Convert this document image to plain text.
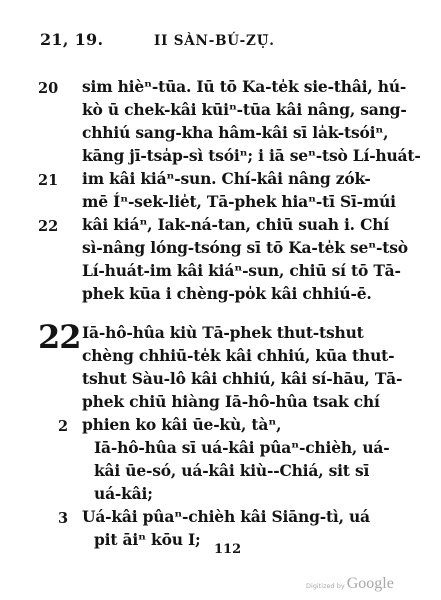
21, 19.	II SÀN-BÚ-ZỤ̄.
20 sim hièⁿ-tūa. Iū tō Ka-te̍k sie-thâi, hú-
kò ū chek-kâi kūiⁿ-tūa kâi nâng, sang-
chhiú sang-kha hâm-kâi sī la̍k-tsóiⁿ,
kāng jī-tsa̍p-sì tsóiⁿ; i iā seⁿ-tsò Lí-huát-
21 im kâi kiáⁿ-sun. Chí-kâi nâng zók-
mē Íⁿ-sek-lie̍t, Tā-phek hiaⁿ-tī Sī-múi
22 kâi kiáⁿ, Iak-ná-tan, chiū suah i. Chí
sì-nâng lóng-tsóng sī tō Ka-te̍k seⁿ-tsò
Lí-huát-im kâi kiáⁿ-sun, chiū sí tō Tā-
phek kūa i chèng-po̍k kâi chhiú-ē.
22 Iā-hô-hûa kiù Tā-phek thut-tshut
chèng chhiū-te̍k kâi chhiú, kūa thut-
tshut Sàu-lô kâi chhiú, kâi sí-hāu, Tā-
phek chiū hiàng Iā-hô-hûa tsak chí
2 phien ko kâi ūe-kù, tàⁿ,
Iā-hô-hûa sī uá-kâi pûaⁿ-chièh, uá-
kâi ūe-só, uá-kâi kiù--Chiá, sit sī
uá-kâi;
3 Uá-kâi pûaⁿ-chièh kâi Siāng-tì, uá
pit āiⁿ kōu I;
112
Digitized by Google
